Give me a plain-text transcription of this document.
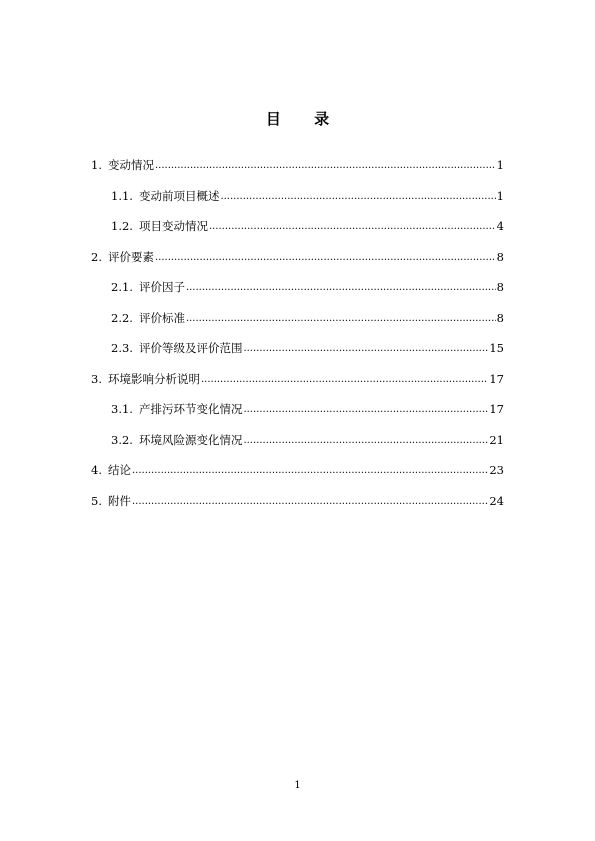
目 录
1. 变动情况 .....	1
1.1. 变动前项目概述 .....	1
1.2. 项目变动情况 .....	4
2. 评价要素 .....	8
2.1. 评价因子 .....	8
2.2. 评价标准 .....	8
2.3. 评价等级及评价范围 .....	15
3. 环境影响分析说明 .....	17
3.1. 产排污环节变化情况 .....	17
3.2. 环境风险源变化情况 .....	21
4. 结论 .....	23
5. 附件 .....	24
1
